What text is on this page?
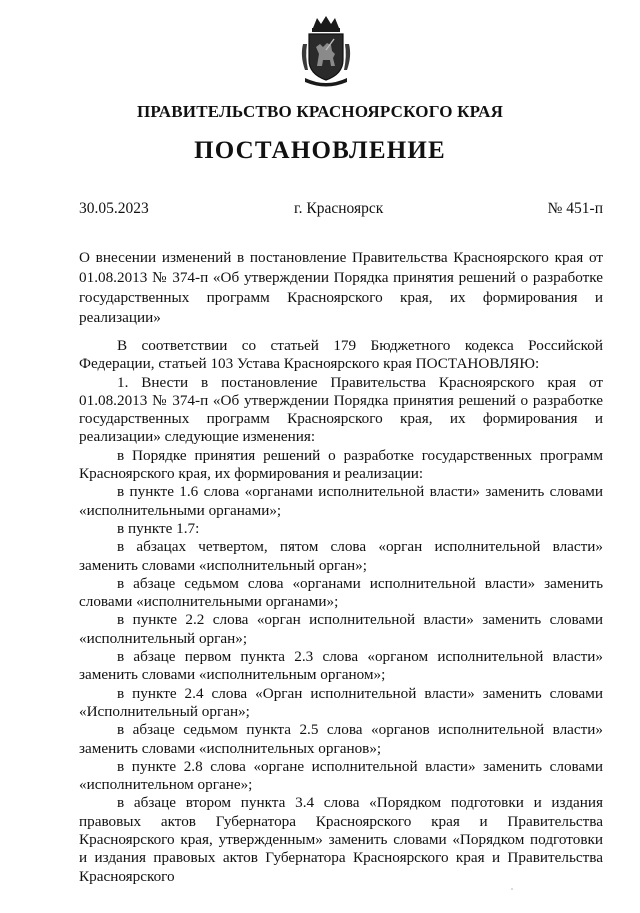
ПРАВИТЕЛЬСТВО КРАСНОЯРСКОГО КРАЯ
ПОСТАНОВЛЕНИЕ
30.05.2023	г. Красноярск	№ 451-п
О внесении изменений в постановление Правительства Красноярского края от 01.08.2013 № 374-п «Об утверждении Порядка принятия решений о разработке государственных программ Красноярского края, их формирования и реализации»

В соответствии со статьей 179 Бюджетного кодекса Российской Федерации, статьей 103 Устава Красноярского края ПОСТАНОВЛЯЮ:

1. Внести в постановление Правительства Красноярского края от 01.08.2013 № 374-п «Об утверждении Порядка принятия решений о разработке государственных программ Красноярского края, их формирования и реализации» следующие изменения:

в Порядке принятия решений о разработке государственных программ Красноярского края, их формирования и реализации:

в пункте 1.6 слова «органами исполнительной власти» заменить словами «исполнительными органами»;

в пункте 1.7:

в абзацах четвертом, пятом слова «орган исполнительной власти» заменить словами «исполнительный орган»;

в абзаце седьмом слова «органами исполнительной власти» заменить словами «исполнительными органами»;

в пункте 2.2 слова «орган исполнительной власти» заменить словами «исполнительный орган»;

в абзаце первом пункта 2.3 слова «органом исполнительной власти» заменить словами «исполнительным органом»;

в пункте 2.4 слова «Орган исполнительной власти» заменить словами «Исполнительный орган»;

в абзаце седьмом пункта 2.5 слова «органов исполнительной власти» заменить словами «исполнительных органов»;

в пункте 2.8 слова «органе исполнительной власти» заменить словами «исполнительном органе»;

в абзаце втором пункта 3.4 слова «Порядком подготовки и издания правовых актов Губернатора Красноярского края и Правительства Красноярского края, утвержденным» заменить словами «Порядком подготовки и издания правовых актов Губернатора Красноярского края и Правительства Красноярского
